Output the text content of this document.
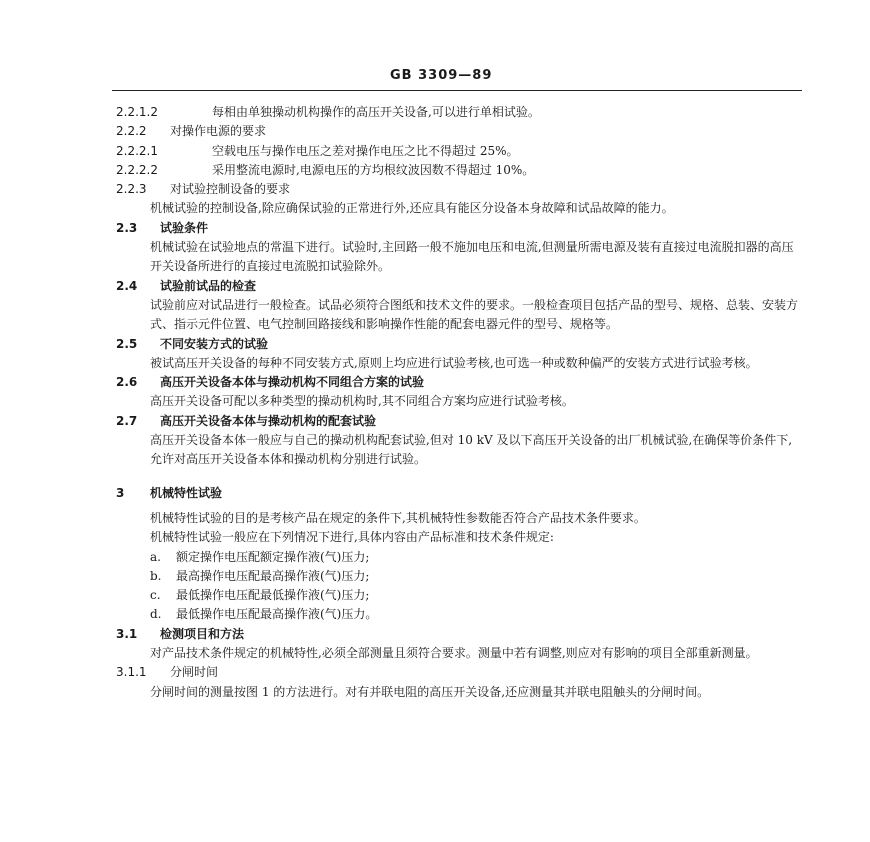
GB 3309—89

2.2.1.2	每相由单独操动机构操作的高压开关设备,可以进行单相试验。

2.2.2 对操作电源的要求

2.2.2.1	空载电压与操作电压之差对操作电压之比不得超过 25%。

2.2.2.2	采用整流电源时,电源电压的方均根纹波因数不得超过 10%。

2.2.3 对试验控制设备的要求

机械试验的控制设备,除应确保试验的正常进行外,还应具有能区分设备本身故障和试品故障的能力。

2.3 试验条件

机械试验在试验地点的常温下进行。试验时,主回路一般不施加电压和电流,但测量所需电源及装有直接过电流脱扣器的高压开关设备所进行的直接过电流脱扣试验除外。

2.4 试验前试品的检查

试验前应对试品进行一般检查。试品必须符合图纸和技术文件的要求。一般检查项目包括产品的型号、规格、总装、安装方式、指示元件位置、电气控制回路接线和影响操作性能的配套电器元件的型号、规格等。

2.5 不同安装方式的试验

被试高压开关设备的每种不同安装方式,原则上均应进行试验考核,也可选一种或数种偏严的安装方式进行试验考核。

2.6 高压开关设备本体与操动机构不同组合方案的试验

高压开关设备可配以多种类型的操动机构时,其不同组合方案均应进行试验考核。

2.7 高压开关设备本体与操动机构的配套试验

高压开关设备本体一般应与自己的操动机构配套试验,但对 10 kV 及以下高压开关设备的出厂机械试验,在确保等价条件下,允许对高压开关设备本体和操动机构分别进行试验。

3 机械特性试验

机械特性试验的目的是考核产品在规定的条件下,其机械特性参数能否符合产品技术条件要求。

机械特性试验一般应在下列情况下进行,具体内容由产品标准和技术条件规定:

a. 额定操作电压配额定操作液(气)压力;

b. 最高操作电压配最高操作液(气)压力;

c. 最低操作电压配最低操作液(气)压力;

d. 最低操作电压配最高操作液(气)压力。

3.1 检测项目和方法

对产品技术条件规定的机械特性,必须全部测量且须符合要求。测量中若有调整,则应对有影响的项目全部重新测量。

3.1.1 分闸时间

分闸时间的测量按图 1 的方法进行。对有并联电阻的高压开关设备,还应测量其并联电阻触头的分闸时间。
